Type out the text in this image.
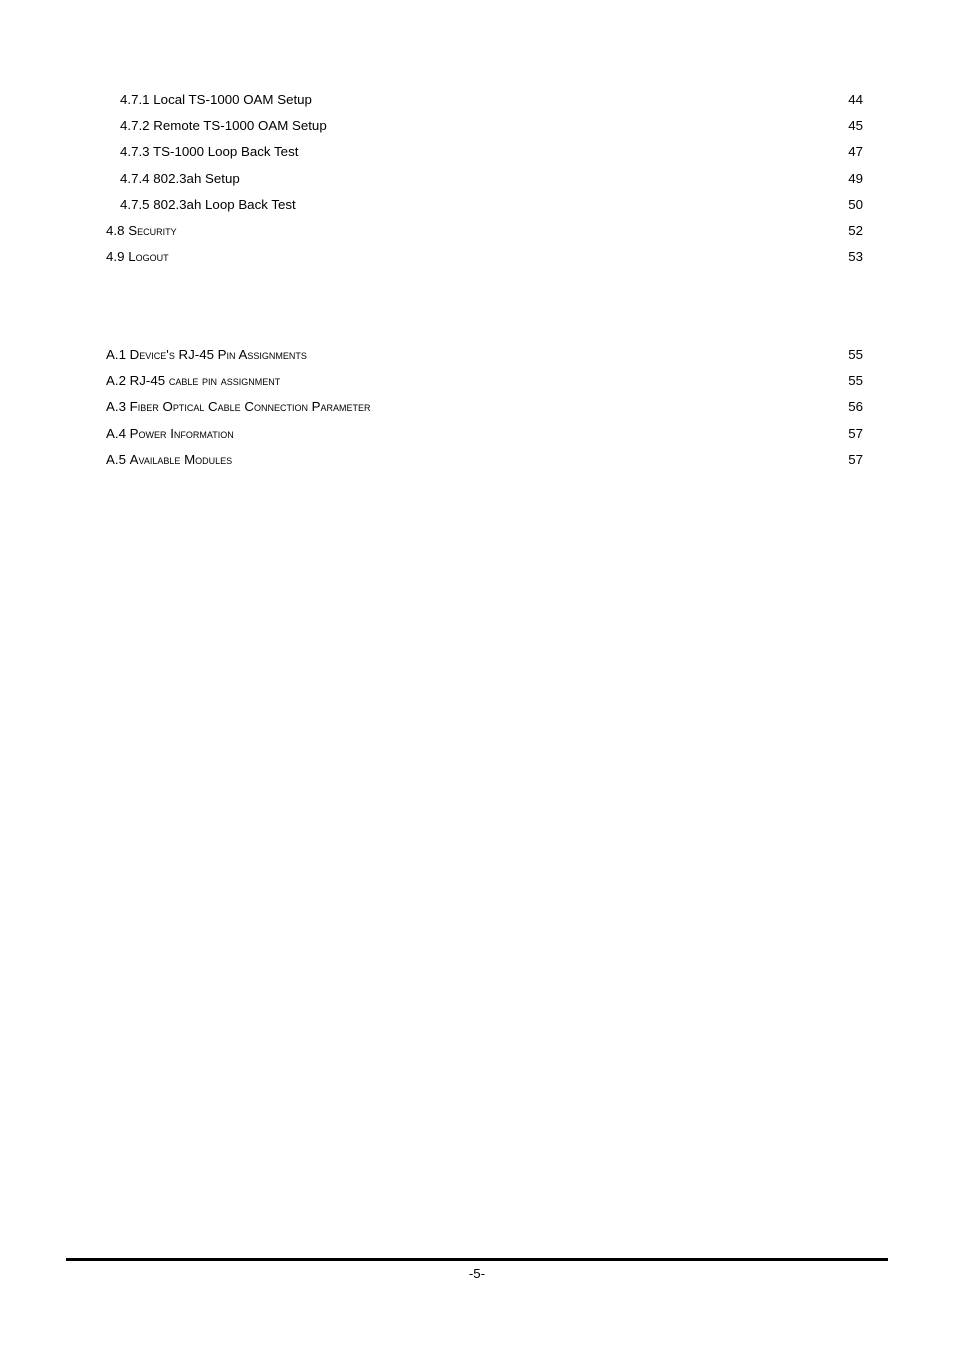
4.7.1 Local TS-1000 OAM Setup	44
4.7.2 Remote TS-1000 OAM Setup	45
4.7.3 TS-1000 Loop Back Test	47
4.7.4 802.3ah Setup	49
4.7.5 802.3ah Loop Back Test	50
4.8 Security	52
4.9 Logout	53
A.1 Device's RJ-45 Pin Assignments	55
A.2 RJ-45 cable pin assignment	55
A.3 Fiber Optical Cable Connection Parameter	56
A.4 Power Information	57
A.5 Available Modules	57
-5-
